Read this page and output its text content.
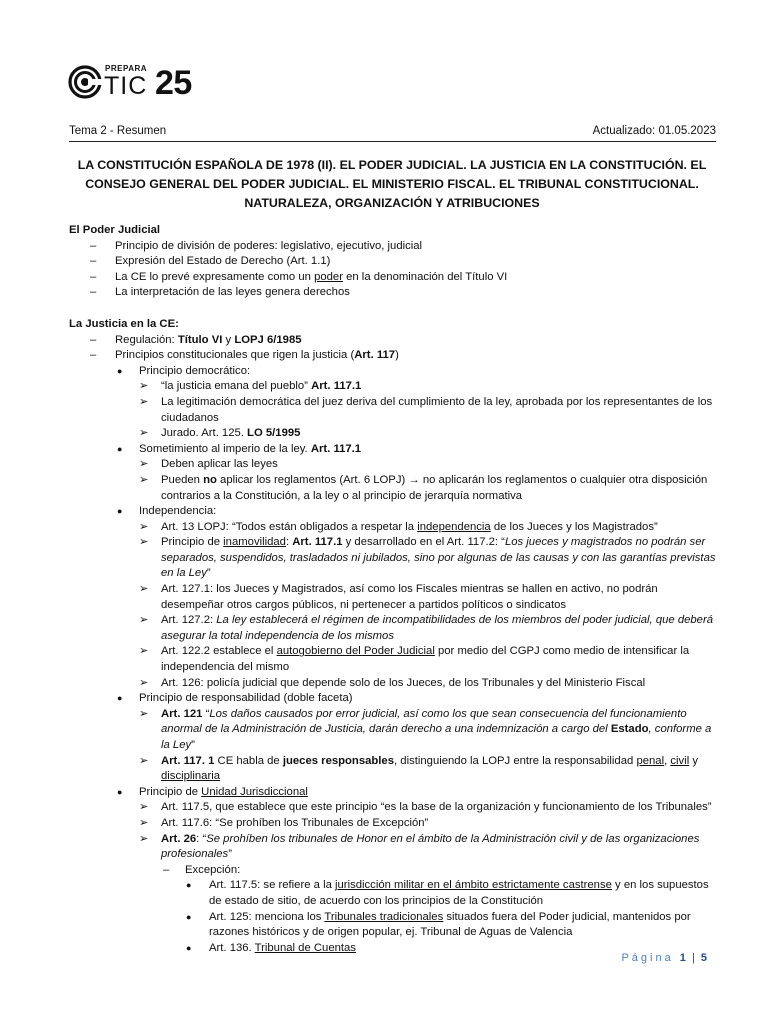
PREPARA
TIC 25
Tema 2 - Resumen	Actualizado: 01.05.2023
LA CONSTITUCIÓN ESPAÑOLA DE 1978 (II). EL PODER JUDICIAL. LA JUSTICIA EN LA CONSTITUCIÓN. EL CONSEJO GENERAL DEL PODER JUDICIAL. EL MINISTERIO FISCAL. EL TRIBUNAL CONSTITUCIONAL. NATURALEZA, ORGANIZACIÓN Y ATRIBUCIONES
El Poder Judicial
–	Principio de división de poderes: legislativo, ejecutivo, judicial
–	Expresión del Estado de Derecho (Art. 1.1)
–	La CE lo prevé expresamente como un poder en la denominación del Título VI
–	La interpretación de las leyes genera derechos
La Justicia en la CE:
–	Regulación: Título VI y LOPJ 6/1985
–	Principios constitucionales que rigen la justicia (Art. 117)
●	Principio democrático:
➢	“la justicia emana del pueblo” Art. 117.1
➢	La legitimación democrática del juez deriva del cumplimiento de la ley, aprobada por los representantes de los ciudadanos
➢	Jurado. Art. 125. LO 5/1995
●	Sometimiento al imperio de la ley. Art. 117.1
➢	Deben aplicar las leyes
➢	Pueden no aplicar los reglamentos (Art. 6 LOPJ) → no aplicarán los reglamentos o cualquier otra disposición contrarios a la Constitución, a la ley o al principio de jerarquía normativa
●	Independencia:
➢	Art. 13 LOPJ: “Todos están obligados a respetar la independencia de los Jueces y los Magistrados”
➢	Principio de inamovilidad: Art. 117.1 y desarrollado en el Art. 117.2: “Los jueces y magistrados no podrán ser separados, suspendidos, trasladados ni jubilados, sino por algunas de las causas y con las garantías previstas en la Ley”
➢	Art. 127.1: los Jueces y Magistrados, así como los Fiscales mientras se hallen en activo, no podrán desempeñar otros cargos públicos, ni pertenecer a partidos políticos o sindicatos
➢	Art. 127.2: La ley establecerá el régimen de incompatibilidades de los miembros del poder judicial, que deberá asegurar la total independencia de los mismos
➢	Art. 122.2 establece el autogobierno del Poder Judicial por medio del CGPJ como medio de intensificar la independencia del mismo
➢	Art. 126: policía judicial que depende solo de los Jueces, de los Tribunales y del Ministerio Fiscal
●	Principio de responsabilidad (doble faceta)
➢	Art. 121 “Los daños causados por error judicial, así como los que sean consecuencia del funcionamiento anormal de la Administración de Justicia, darán derecho a una indemnización a cargo del Estado, conforme a la Ley”
➢	Art. 117. 1 CE habla de jueces responsables, distinguiendo la LOPJ entre la responsabilidad penal, civil y disciplinaria
●	Principio de Unidad Jurisdiccional
➢	Art. 117.5, que establece que este principio “es la base de la organización y funcionamiento de los Tribunales”
➢	Art. 117.6: “Se prohíben los Tribunales de Excepción”
➢	Art. 26: “Se prohíben los tribunales de Honor en el ámbito de la Administración civil y de las organizaciones profesionales”
–	Excepción:
●	Art. 117.5: se refiere a la jurisdicción militar en el ámbito estrictamente castrense y en los supuestos de estado de sitio, de acuerdo con los principios de la Constitución
●	Art. 125: menciona los Tribunales tradicionales situados fuera del Poder judicial, mantenidos por razones históricos y de origen popular, ej. Tribunal de Aguas de Valencia
●	Art. 136. Tribunal de Cuentas
Página 1 | 5
